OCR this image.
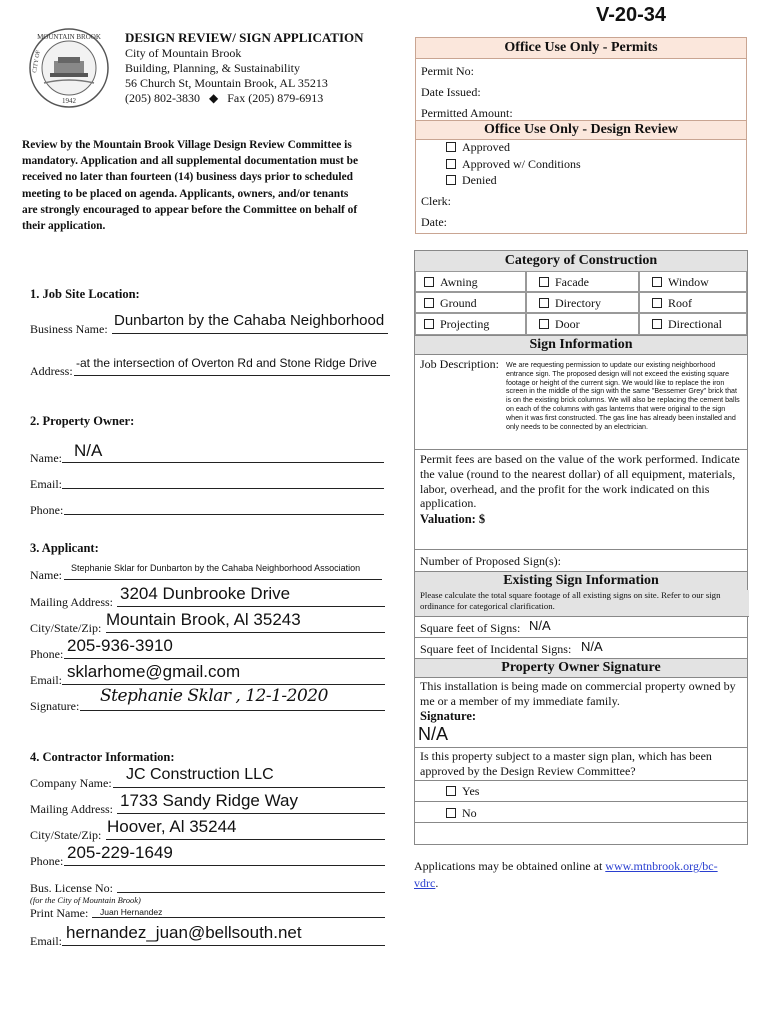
V-20-34
MOUNTAIN BROOK
CITY OF
1942
DESIGN REVIEW/ SIGN APPLICATION
City of Mountain Brook
Building, Planning, & Sustainability
56 Church St, Mountain Brook, AL 35213
(205) 802-3830   ◆   Fax (205) 879-6913
Review by the Mountain Brook Village Design Review Committee is mandatory. Application and all supplemental documentation must be received no later than fourteen (14) business days prior to scheduled meeting to be placed on agenda. Applicants, owners, and/or tenants are strongly encouraged to appear before the Committee on behalf of their application.
1. Job Site Location:
Business Name: Dunbarton by the Cahaba Neighborhood
Address:
-at the intersection of Overton Rd and Stone Ridge Drive
2. Property Owner:
Name: N/A
Email:
Phone:
3. Applicant:
Name: Stephanie Sklar for Dunbarton by the Cahaba Neighborhood Association
Mailing Address: 3204 Dunbrooke Drive
City/State/Zip: Mountain Brook, Al 35243
Phone: 205-936-3910
Email: sklarhome@gmail.com
Signature: Stephanie Sklar , 12-1-2020
4. Contractor Information:
Company Name: JC Construction LLC
Mailing Address: 1733 Sandy Ridge Way
City/State/Zip: Hoover, Al 35244
Phone: 205-229-1649
Bus. License No:
(for the City of Mountain Brook)
Print Name: Juan Hernandez
Email: hernandez_juan@bellsouth.net
Office Use Only - Permits
Permit No:
Date Issued:
Permitted Amount:
Office Use Only - Design Review
Approved
Approved w/ Conditions
Denied
Clerk:
Date:
Category of Construction
Awning	Facade	Window
Ground	Directory	Roof
Projecting	Door	Directional
Sign Information
Job Description: We are requesting permission to update our existing neighborhood entrance sign. The proposed design will not exceed the existing square footage or height of the current sign. We would like to replace the iron screen in the middle of the sign with the same "Bessemer Grey" brick that is on the existing brick columns. We will also be replacing the cement balls on each of the columns with gas lanterns that were original to the sign when it was first constructed. The gas line has already been installed and only needs to be connected by an electrician.
Permit fees are based on the value of the work performed. Indicate the value (round to the nearest dollar) of all equipment, materials, labor, overhead, and the profit for the work indicated on this application.
Valuation: $
Number of Proposed Sign(s):
Existing Sign Information
Please calculate the total square footage of all existing signs on site. Refer to our sign ordinance for categorical clarification.
Square feet of Signs: N/A
Square feet of Incidental Signs: N/A
Property Owner Signature
This installation is being made on commercial property owned by me or a member of my immediate family.
Signature:
N/A
Is this property subject to a master sign plan, which has been approved by the Design Review Committee?
Yes
No
Applications may be obtained online at www.mtnbrook.org/bc-vdrc.
